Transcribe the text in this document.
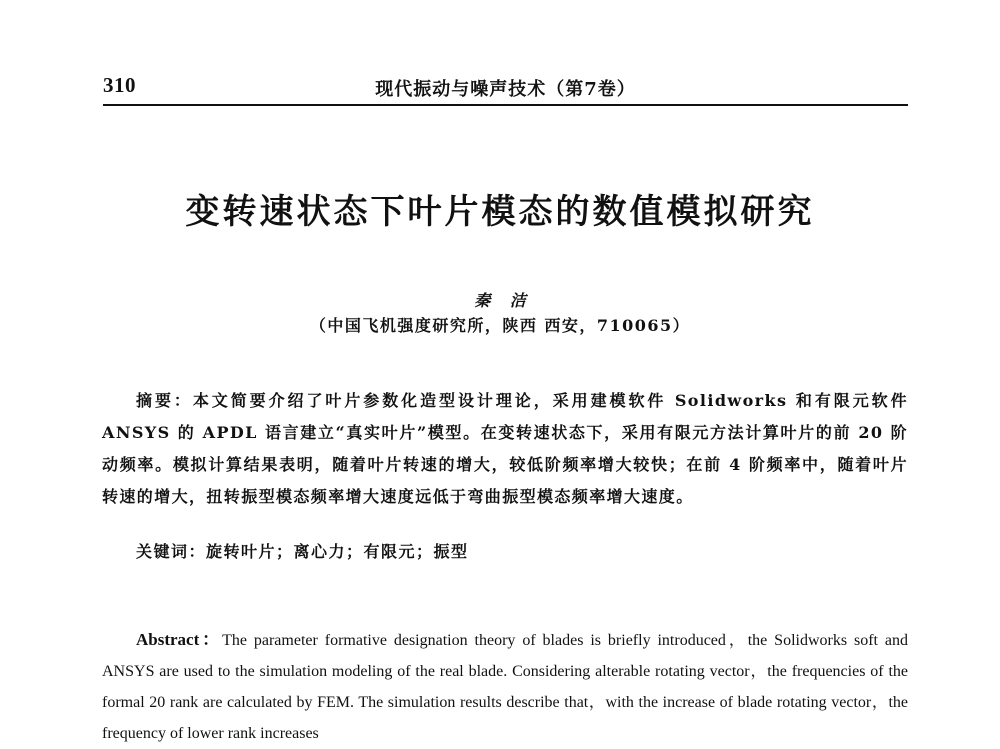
310	现代振动与噪声技术（第7卷）
变转速状态下叶片模态的数值模拟研究
秦 洁
（中国飞机强度研究所，陕西 西安，710065）

摘要：本文简要介绍了叶片参数化造型设计理论，采用建模软件 Solidworks 和有限元软件 ANSYS 的 APDL 语言建立“真实叶片”模型。在变转速状态下，采用有限元方法计算叶片的前 20 阶动频率。模拟计算结果表明，随着叶片转速的增大，较低阶频率增大较快；在前 4 阶频率中，随着叶片转速的增大，扭转振型模态频率增大速度远低于弯曲振型模态频率增大速度。

关键词：旋转叶片；离心力；有限元；振型

Abstract：The parameter formative designation theory of blades is briefly introduced，the Solidworks soft and ANSYS are used to the simulation modeling of the real blade. Considering alterable rotating vector，the frequencies of the formal 20 rank are calculated by FEM. The simulation results describe that，with the increase of blade rotating vector，the frequency of lower rank increases
